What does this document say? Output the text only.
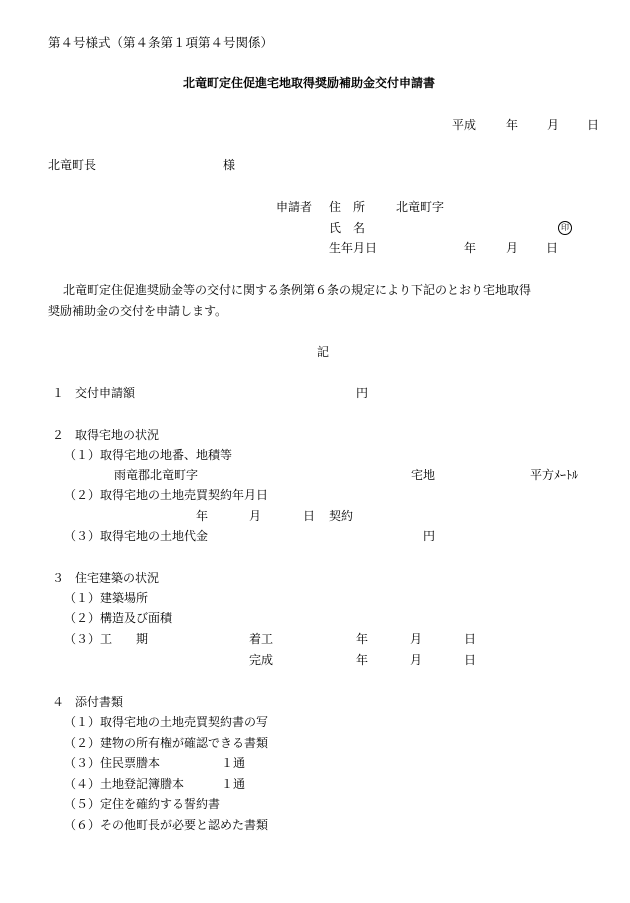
第４号様式（第４条第１項第４号関係）
北竜町定住促進宅地取得奨励補助金交付申請書
平成 年 月 日
北竜町長	様
申請者 住　所	北竜町字
氏　名	印
生年月日	年 月 日
北竜町定住促進奨励金等の交付に関する条例第６条の規定により下記のとおり宅地取得
奨励補助金の交付を申請します。
記
１ 交付申請額	円
２ 取得宅地の状況
（１）取得宅地の地番、地積等
雨竜郡北竜町字	宅地	平方ﾒｰﾄﾙ
（２）取得宅地の土地売買契約年月日
年	月	日 契約
（３）取得宅地の土地代金	円
３ 住宅建築の状況
（１）建築場所
（２）構造及び面積
（３）工　　期	着工	年	月	日
完成	年	月	日
４ 添付書類
（１）取得宅地の土地売買契約書の写
（２）建物の所有権が確認できる書類
（３）住民票謄本	１通
（４）土地登記簿謄本	１通
（５）定住を確約する誓約書
（６）その他町長が必要と認めた書類
